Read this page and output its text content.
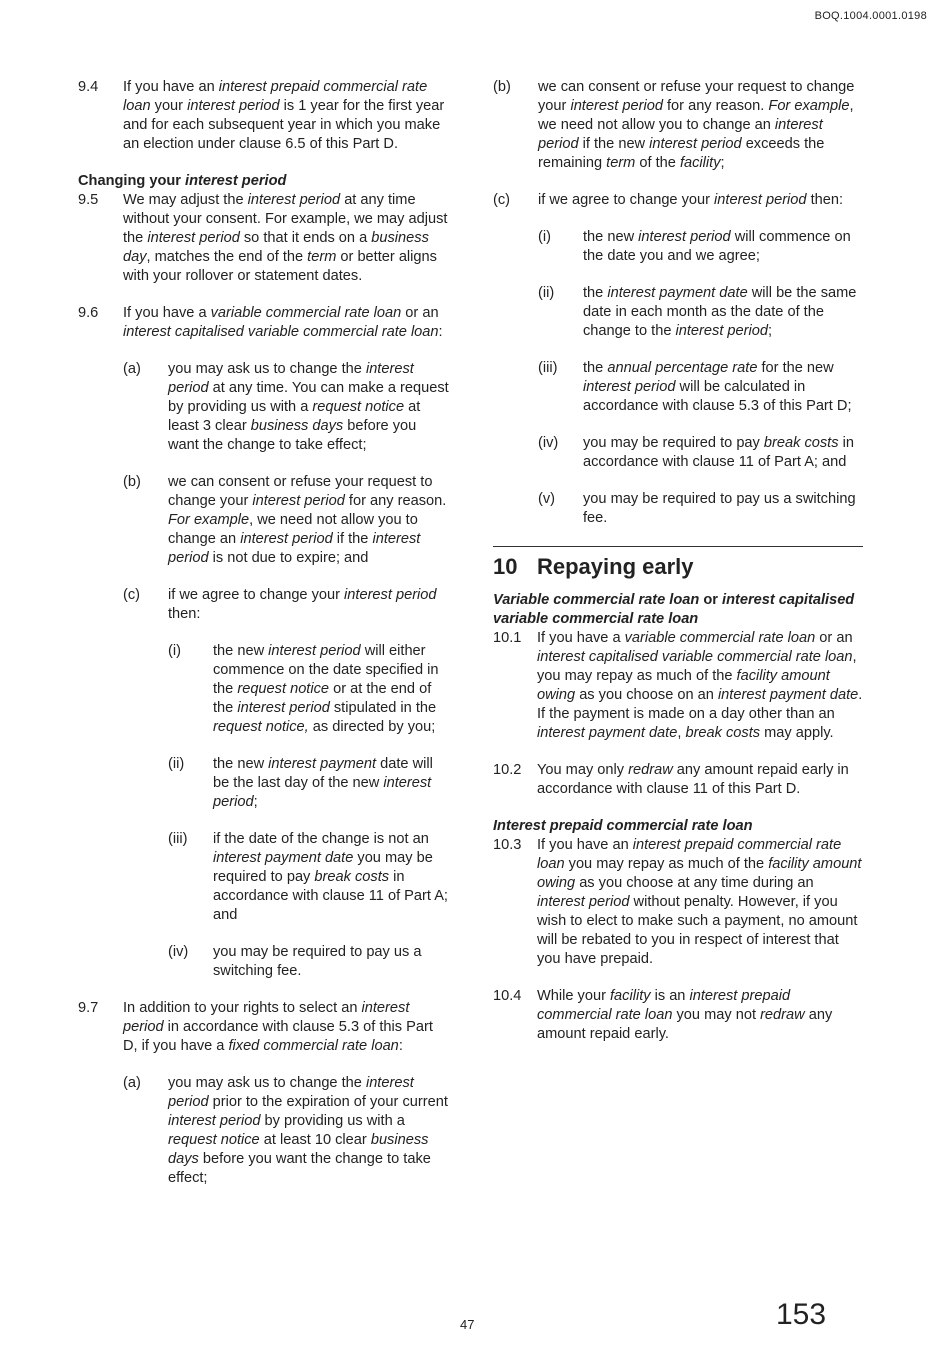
BOQ.1004.0001.0198
9.4	If you have an interest prepaid commercial rate loan your interest period is 1 year for the first year and for each subsequent year in which you make an election under clause 6.5 of this Part D.
Changing your interest period
9.5	We may adjust the interest period at any time without your consent. For example, we may adjust the interest period so that it ends on a business day, matches the end of the term or better aligns with your rollover or statement dates.
9.6	If you have a variable commercial rate loan or an interest capitalised variable commercial rate loan:
(a)	you may ask us to change the interest period at any time. You can make a request by providing us with a request notice at least 3 clear business days before you want the change to take effect;
(b)	we can consent or refuse your request to change your interest period for any reason. For example, we need not allow you to change an interest period if the interest period is not due to expire; and
(c)	if we agree to change your interest period then:
(i)	the new interest period will either commence on the date specified in the request notice or at the end of the interest period stipulated in the request notice, as directed by you;
(ii)	the new interest payment date will be the last day of the new interest period;
(iii)	if the date of the change is not an interest payment date you may be required to pay break costs in accordance with clause 11 of Part A; and
(iv)	you may be required to pay us a switching fee.
9.7	In addition to your rights to select an interest period in accordance with clause 5.3 of this Part D, if you have a fixed commercial rate loan:
(a)	you may ask us to change the interest period prior to the expiration of your current interest period by providing us with a request notice at least 10 clear business days before you want the change to take effect;
(b)	we can consent or refuse your request to change your interest period for any reason. For example, we need not allow you to change an interest period if the new interest period exceeds the remaining term of the facility;
(c)	if we agree to change your interest period then:
(i)	the new interest period will commence on the date you and we agree;
(ii)	the interest payment date will be the same date in each month as the date of the change to the interest period;
(iii)	the annual percentage rate for the new interest period will be calculated in accordance with clause 5.3 of this Part D;
(iv)	you may be required to pay break costs in accordance with clause 11 of Part A; and
(v)	you may be required to pay us a switching fee.
10 Repaying early
Variable commercial rate loan or interest capitalised variable commercial rate loan
10.1	If you have a variable commercial rate loan or an interest capitalised variable commercial rate loan, you may repay as much of the facility amount owing as you choose on an interest payment date. If the payment is made on a day other than an interest payment date, break costs may apply.
10.2	You may only redraw any amount repaid early in accordance with clause 11 of this Part D.
Interest prepaid commercial rate loan
10.3	If you have an interest prepaid commercial rate loan you may repay as much of the facility amount owing as you choose at any time during an interest period without penalty. However, if you wish to elect to make such a payment, no amount will be rebated to you in respect of interest that you have prepaid.
10.4	While your facility is an interest prepaid commercial rate loan you may not redraw any amount repaid early.
47	153
